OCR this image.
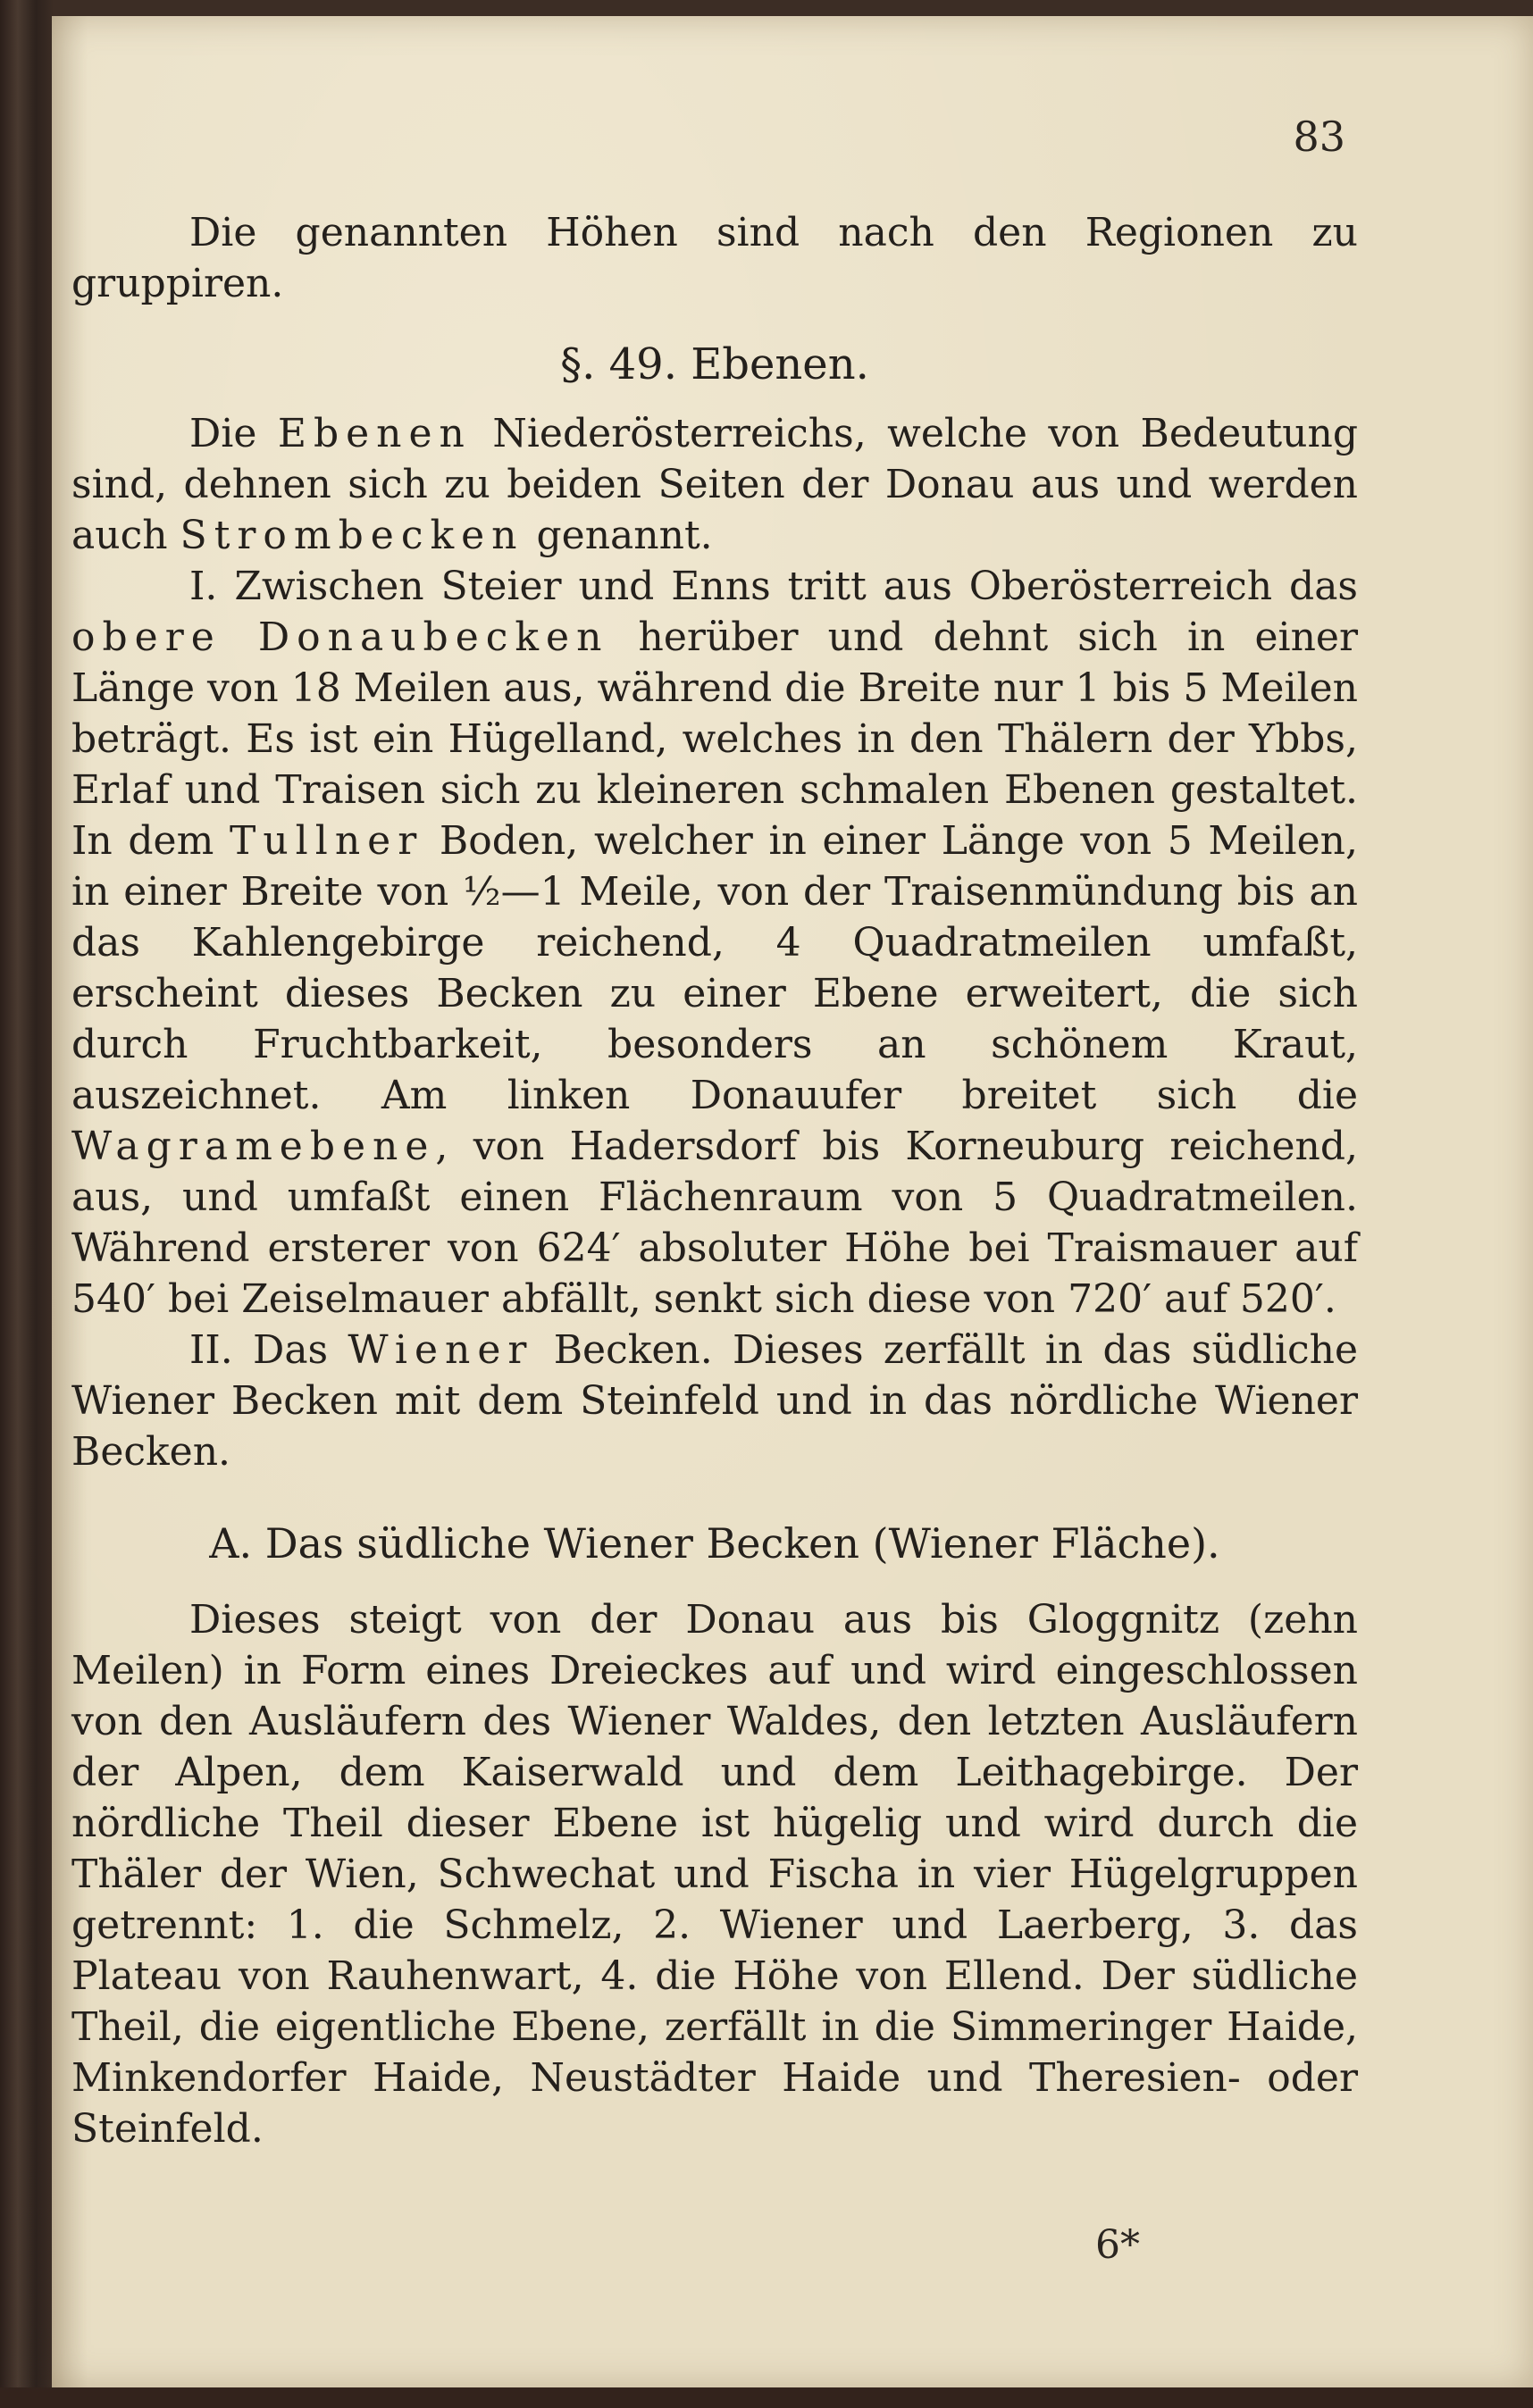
83

Die genannten Höhen sind nach den Regionen zu gruppiren.

§. 49. Ebenen.

Die Ebenen Niederösterreichs, welche von Bedeutung sind, dehnen sich zu beiden Seiten der Donau aus und werden auch Strombecken genannt.

I. Zwischen Steier und Enns tritt aus Oberösterreich das obere Donaubecken herüber und dehnt sich in einer Länge von 18 Meilen aus, während die Breite nur 1 bis 5 Meilen beträgt. Es ist ein Hügelland, welches in den Thälern der Ybbs, Erlaf und Traisen sich zu kleineren schmalen Ebenen gestaltet. In dem Tullner Boden, welcher in einer Länge von 5 Meilen, in einer Breite von ½—1 Meile, von der Traisenmündung bis an das Kahlengebirge reichend, 4 Quadratmeilen umfaßt, erscheint dieses Becken zu einer Ebene erweitert, die sich durch Fruchtbarkeit, besonders an schönem Kraut, auszeichnet. Am linken Donauufer breitet sich die Wagramebene, von Hadersdorf bis Korneuburg reichend, aus, und umfaßt einen Flächenraum von 5 Quadratmeilen. Während ersterer von 624′ absoluter Höhe bei Traismauer auf 540′ bei Zeiselmauer abfällt, senkt sich diese von 720′ auf 520′.

II. Das Wiener Becken. Dieses zerfällt in das südliche Wiener Becken mit dem Steinfeld und in das nördliche Wiener Becken.

A. Das südliche Wiener Becken (Wiener Fläche).

Dieses steigt von der Donau aus bis Gloggnitz (zehn Meilen) in Form eines Dreieckes auf und wird eingeschlossen von den Ausläufern des Wiener Waldes, den letzten Ausläufern der Alpen, dem Kaiserwald und dem Leithagebirge. Der nördliche Theil dieser Ebene ist hügelig und wird durch die Thäler der Wien, Schwechat und Fischa in vier Hügelgruppen getrennt: 1. die Schmelz, 2. Wiener und Laerberg, 3. das Plateau von Rauhenwart, 4. die Höhe von Ellend. Der südliche Theil, die eigentliche Ebene, zerfällt in die Simmeringer Haide, Minkendorfer Haide, Neustädter Haide und Theresien- oder Steinfeld.

6*
